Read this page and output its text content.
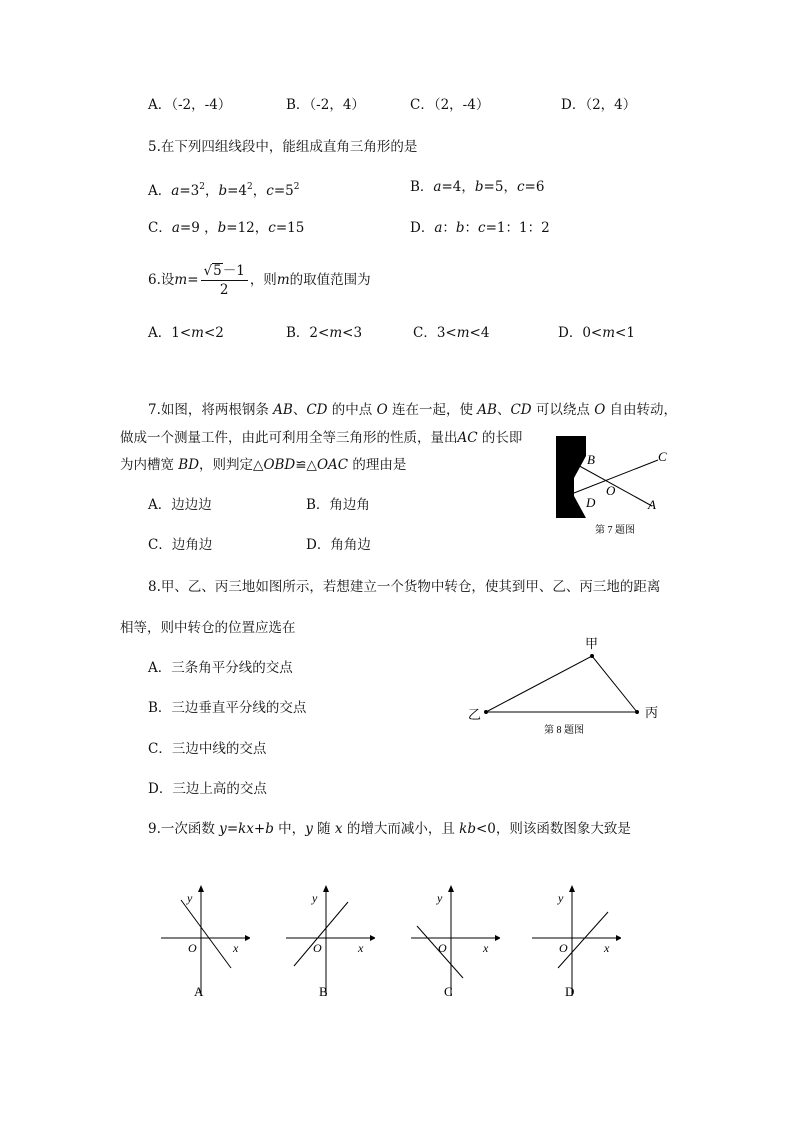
A．（-2，-4）	B．（-2，4）	C．（2，-4）	D．（2，4）
5.在下列四组线段中，能组成直角三角形的是
A．$a=3^2$，$b=4^2$，$c=5^2$	B．a=4，b=5，c=6
C．a=9 ，b=12，c=15	D．a：b：c=1：1：2
6.设$m= \frac{√5-1}{2}$ ，则m的取值范围为
A．1<m<2	B．2<m<3	C．3<m<4	D．0<m<1
7.如图，将两根钢条 AB、CD 的中点 O 连在一起，使 AB、CD 可以绕点 O 自由转动，
做成一个测量工件，由此可利用全等三角形的性质，量出AC 的长即
为内槽宽 BD，则判定△OBD≌△OAC 的理由是
A．边边边	B．角边角
C．边角边	D．角角边
B	C
O
D	A
第 7 题图
8.甲、乙、丙三地如图所示，若想建立一个货物中转仓，使其到甲、乙、丙三地的距离
相等，则中转仓的位置应选在
A．三条角平分线的交点
B．三边垂直平分线的交点
C．三边中线的交点
D．三边上高的交点
甲
乙	丙
第 8 题图
9.一次函数 y=kx+b 中，y 随 x 的增大而减小，且 kb<0，则该函数图象大致是
y
O	x
A
y
O	x
B
y
O	x
C
y
O	x
D
